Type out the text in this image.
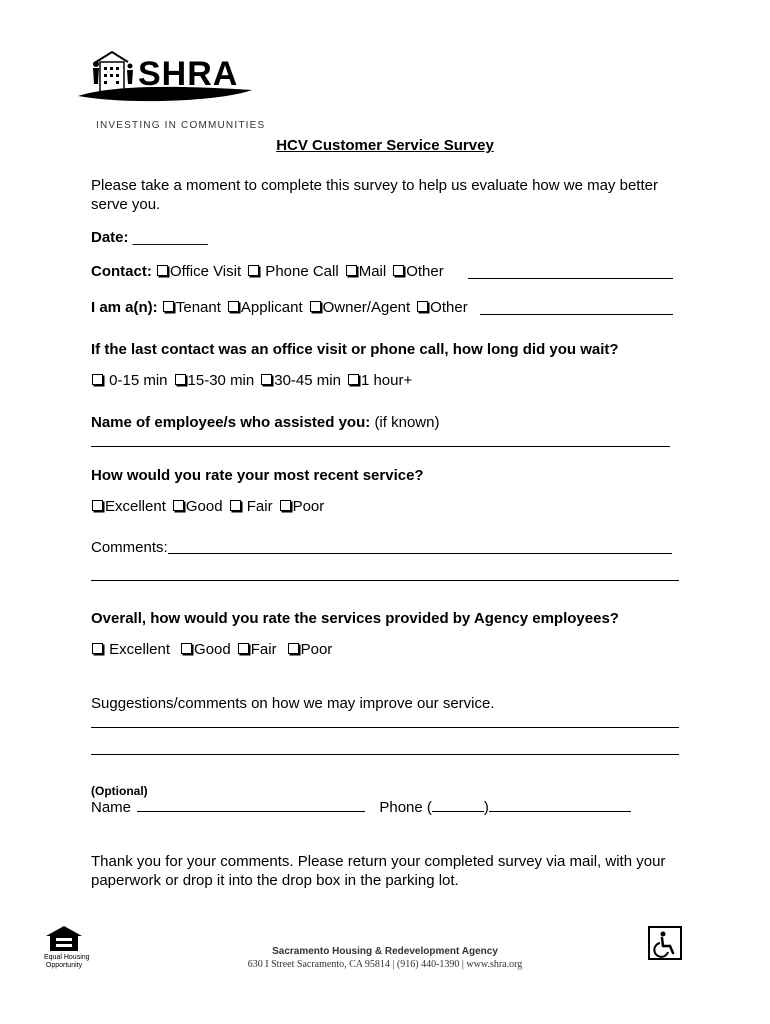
SHRA
INVESTING IN COMMUNITIES
HCV Customer Service Survey
Please take a moment to complete this survey to help us evaluate how we may better serve you.
Date: _________
Contact: Office Visit Phone Call Mail Other
I am a(n): Tenant Applicant Owner/Agent Other
If the last contact was an office visit or phone call, how long did you wait?
0-15 min 15-30 min 30-45 min 1 hour+
Name of employee/s who assisted you: (if known)
How would you rate your most recent service?
Excellent Good Fair Poor
Comments:
Overall, how would you rate the services provided by Agency employees?
Excellent Good Fair Poor
Suggestions/comments on how we may improve our service.
(Optional)
Name	Phone (	)
Thank you for your comments. Please return your completed survey via mail, with your paperwork or drop it into the drop box in the parking lot.
Equal Housing
Opportunity
Sacramento Housing & Redevelopment Agency
630 I Street Sacramento, CA 95814 | (916) 440-1390 | www.shra.org
